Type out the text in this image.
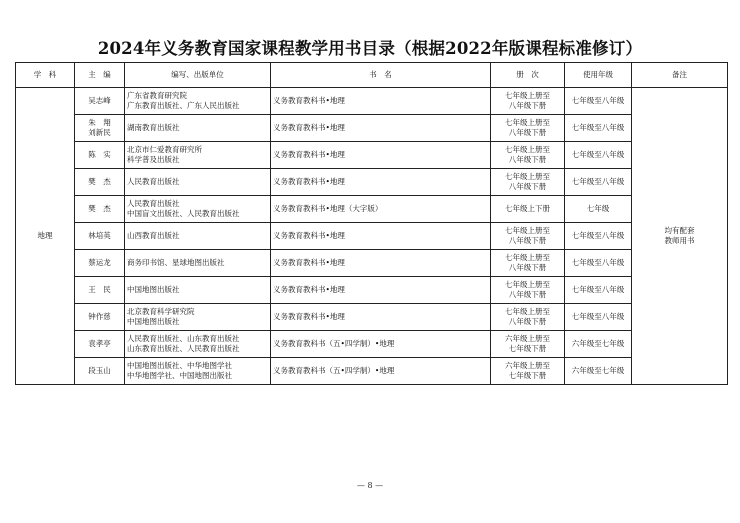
2024年义务教育国家课程教学用书目录（根据2022年版课程标准修订）
学　科	主　编	编写、出版单位	书　名	册　次	使用年级	备注
地理	吴志峰	广东省教育研究院
广东教育出版社、广东人民出版社	义务教育教科书•地理	七年级上册至
八年级下册	七年级至八年级	均有配套
教师用书

	朱　翔
刘新民	湖南教育出版社	义务教育教科书•地理	七年级上册至
八年级下册	七年级至八年级	

	陈　实	北京市仁爱教育研究所
科学普及出版社	义务教育教科书•地理	七年级上册至
八年级下册	七年级至八年级	

	樊　杰	人民教育出版社	义务教育教科书•地理	七年级上册至
八年级下册	七年级至八年级	

	樊　杰	人民教育出版社
中国盲文出版社、人民教育出版社	义务教育教科书•地理（大字版）	七年级上下册	七年级	

	林培英	山西教育出版社	义务教育教科书•地理	七年级上册至
八年级下册	七年级至八年级	

	蔡运龙	商务印书馆、星球地图出版社	义务教育教科书•地理	七年级上册至
八年级下册	七年级至八年级	

	王　民	中国地图出版社	义务教育教科书•地理	七年级上册至
八年级下册	七年级至八年级	

	钟作慈	北京教育科学研究院
中国地图出版社	义务教育教科书•地理	七年级上册至
八年级下册	七年级至八年级	

	袁孝亭	人民教育出版社、山东教育出版社
山东教育出版社、人民教育出版社	义务教育教科书（五•四学制）•地理	六年级上册至
七年级下册	六年级至七年级	

	段玉山	中国地图出版社、中华地图学社
中华地图学社、中国地图出版社	义务教育教科书（五•四学制）•地理	六年级上册至
七年级下册	六年级至七年级	
— 8 —
